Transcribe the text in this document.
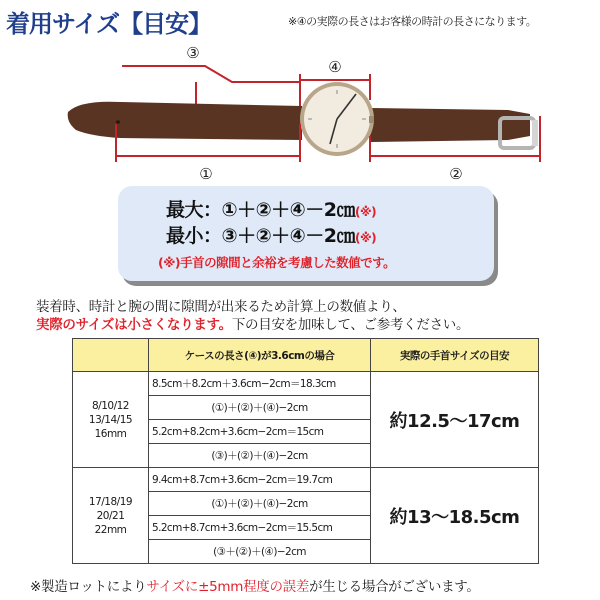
着用サイズ【目安】	※④の実際の長さはお客様の時計の長さになります。
③
④
①	②
最大：①＋②＋④－2㎝(※)
最小：③＋②＋④－2㎝(※)
(※)手首の隙間と余裕を考慮した数値です。
装着時、時計と腕の間に隙間が出来るため計算上の数値より、
実際のサイズは小さくなります。下の目安を加味して、ご参考ください。
	ケースの長さ(④)が3.6cmの場合	実際の手首サイズの目安

8/10/12
13/14/15
16mm	8.5cm＋8.2cm＋3.6cm−2cm＝18.3cm	約12.5〜17cm
	(①)＋(②)＋(④)−2cm	
	5.2cm+8.2cm+3.6cm−2cm＝15cm	
	(③)＋(②)＋(④)−2cm	

17/18/19
20/21
22mm	9.4cm+8.7cm+3.6cm−2cm＝19.7cm	約13〜18.5cm
	(①)＋(②)＋(④)−2cm	
	5.2cm+8.7cm+3.6cm−2cm＝15.5cm	
	(③＋(②)＋(④)−2cm	
※製造ロットによりサイズに±5mm程度の誤差が生じる場合がございます。
